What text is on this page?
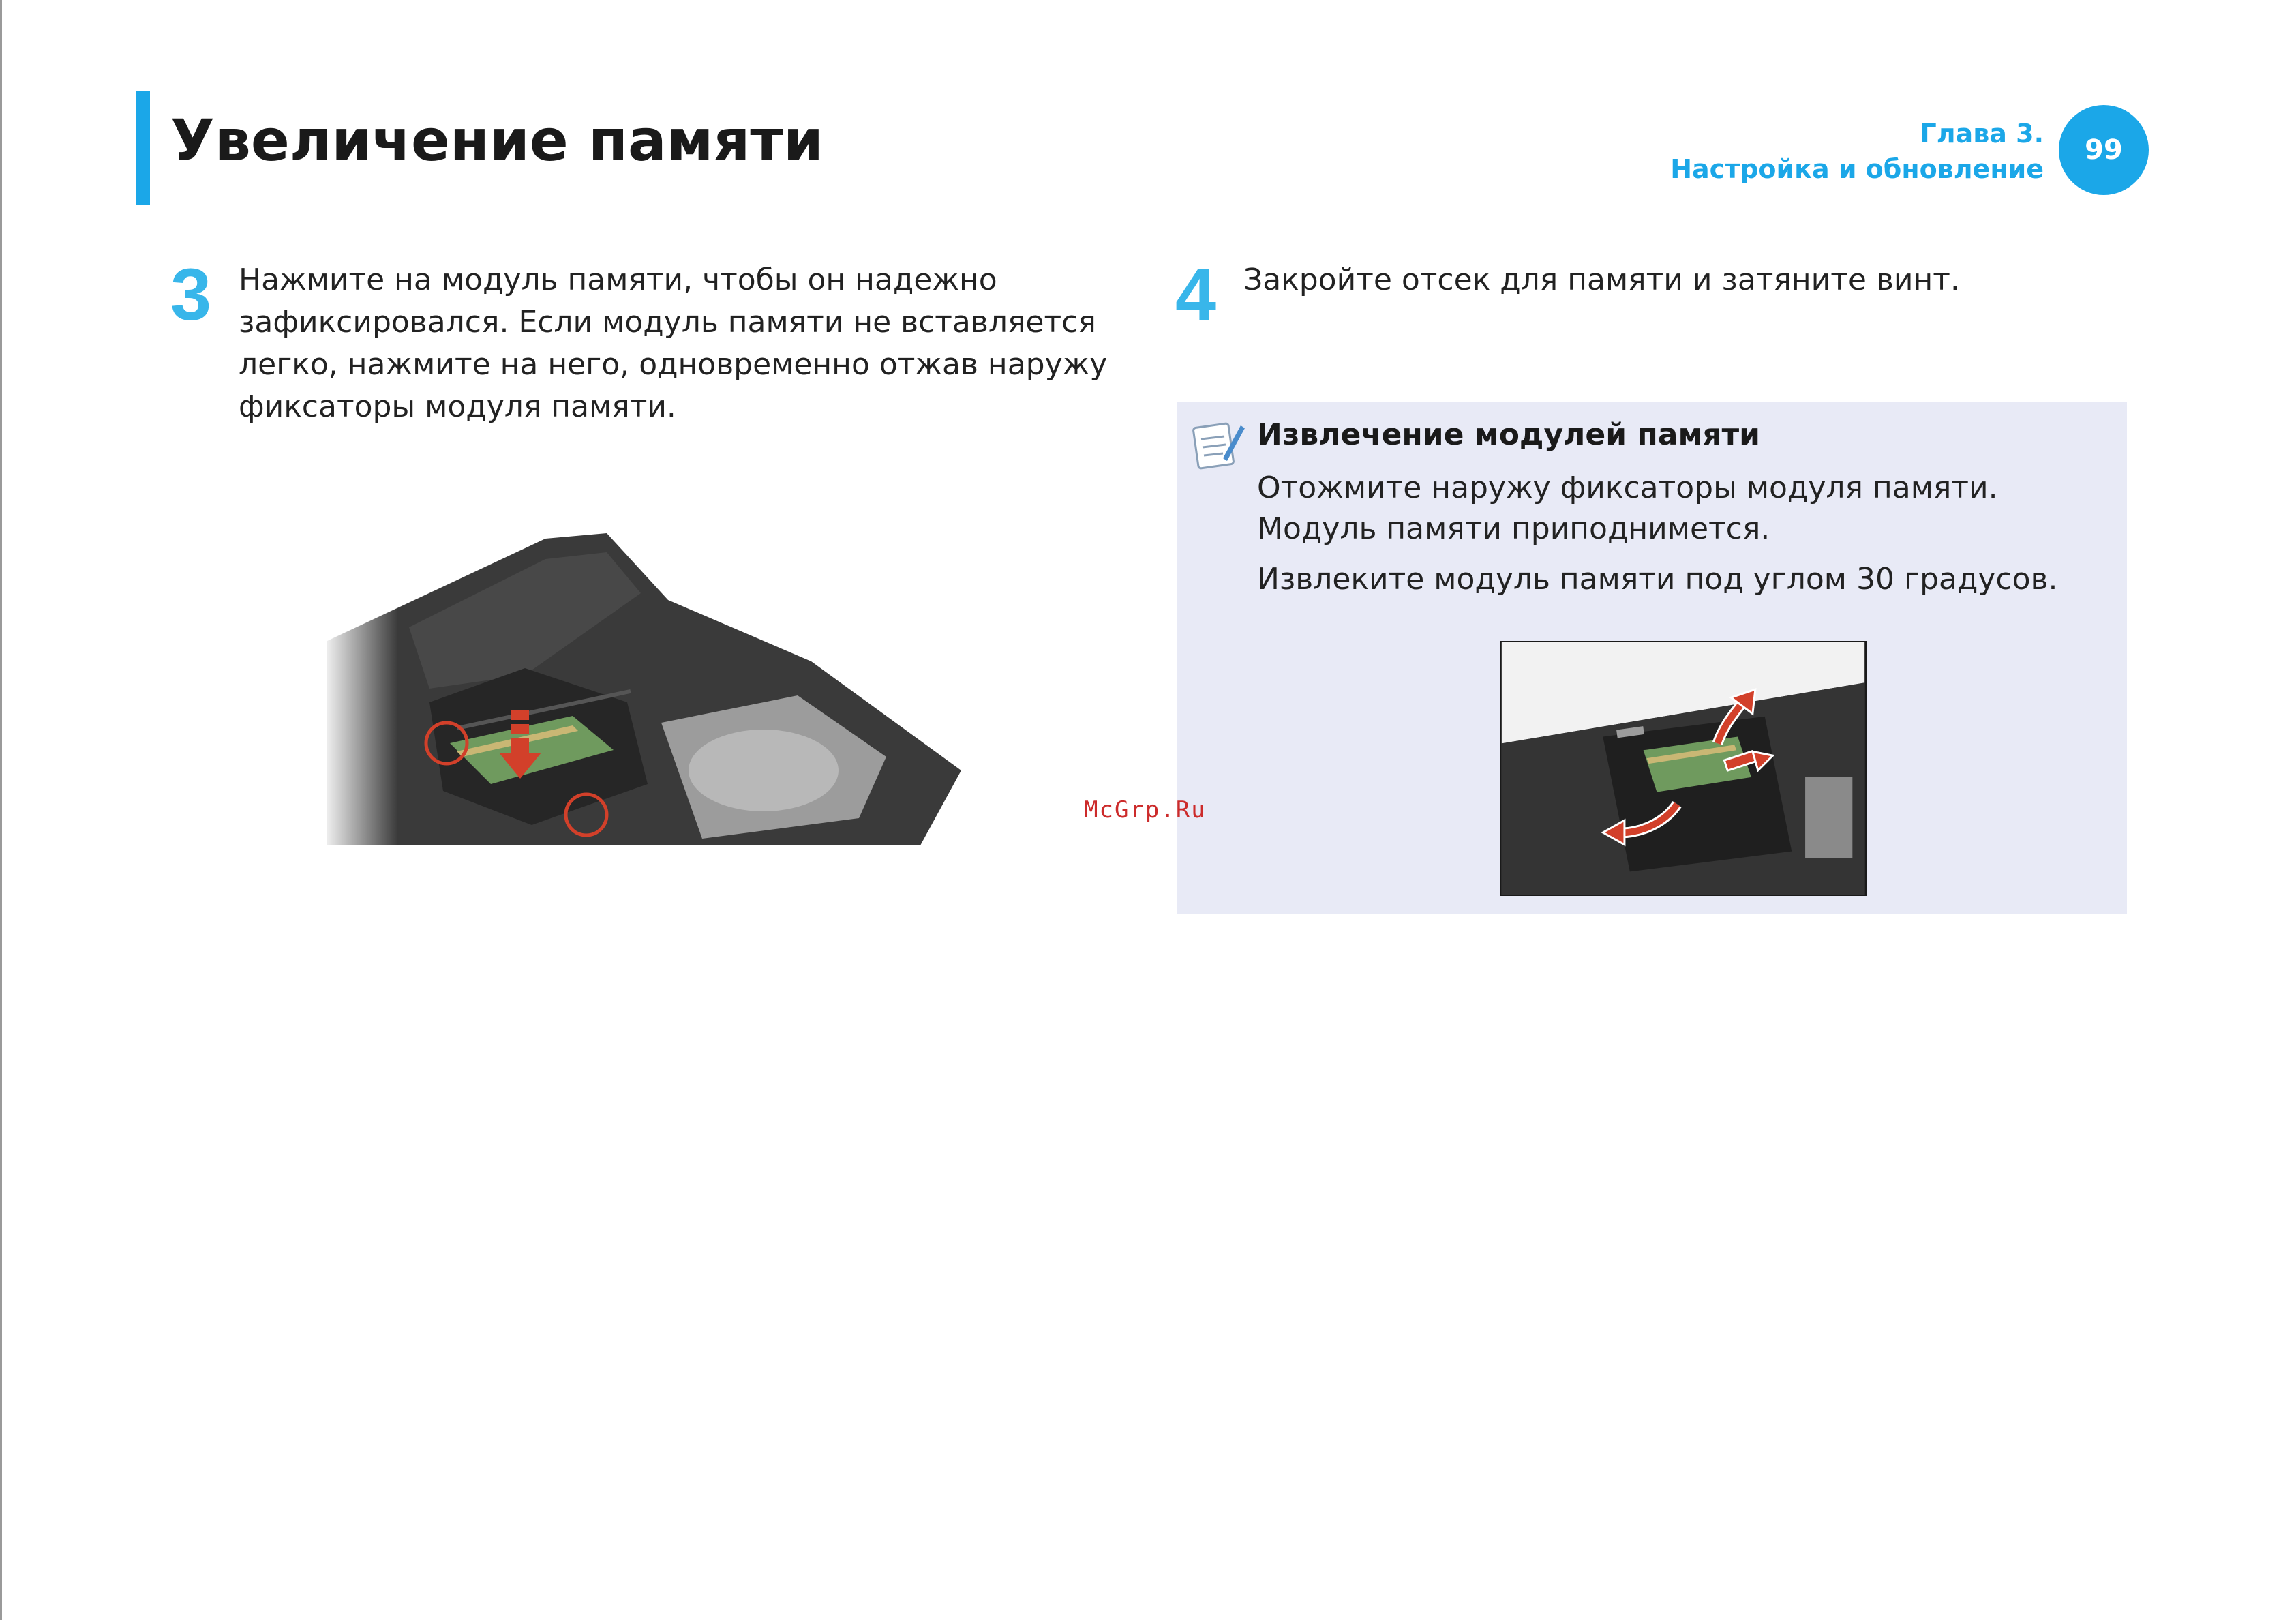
Увеличение памяти	Глава 3.
Настройка и обновление
99
3 Нажмите на модуль памяти, чтобы он надежно
зафиксировался. Если модуль памяти не вставляется
легко, нажмите на него, одновременно отжав наружу
фиксаторы модуля памяти.
4 Закройте отсек для памяти и затяните винт.
Извлечение модулей памяти
Отожмите наружу фиксаторы модуля памяти.
Модуль памяти приподнимется.
Извлеките модуль памяти под углом 30 градусов.
McGrp.Ru
